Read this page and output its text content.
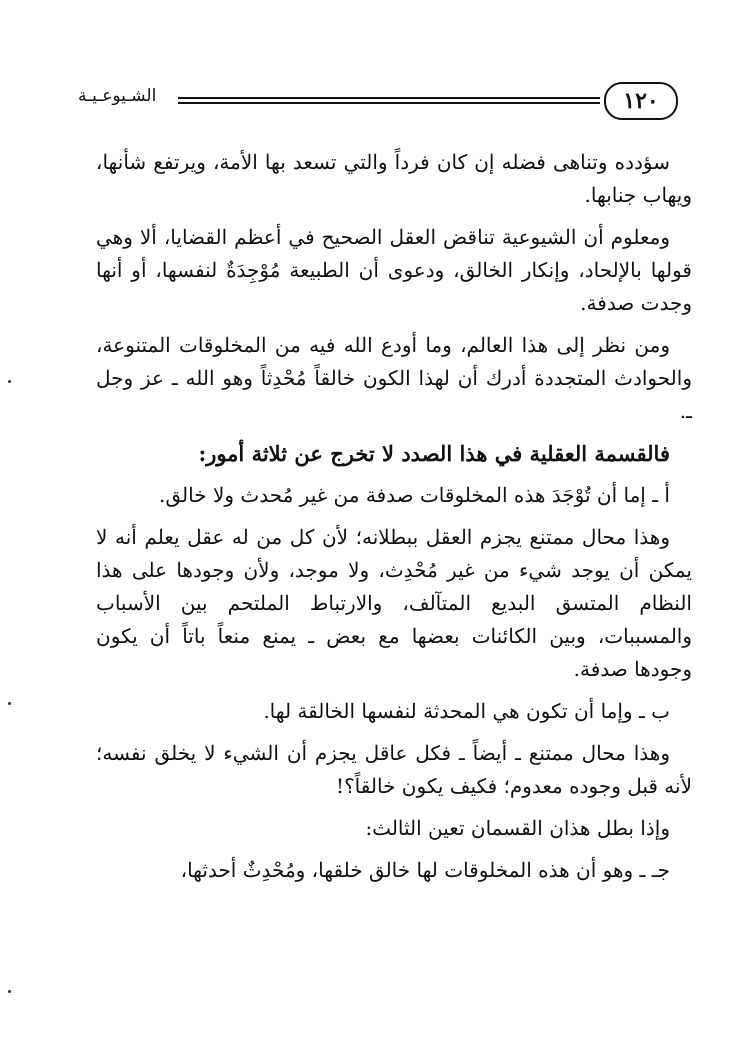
الشـيوعـيـة	١٢٠

سؤدده وتناهى فضله إن كان فرداً والتي تسعد بها الأمة، ويرتفع شأنها، ويهاب جنابها.

ومعلوم أن الشيوعية تناقض العقل الصحيح في أعظم القضايا، ألا وهي قولها بالإلحاد، وإنكار الخالق، ودعوى أن الطبيعة مُوْجِدَةٌ لنفسها، أو أنها وجدت صدفة.

ومن نظر إلى هذا العالم، وما أودع الله فيه من المخلوقات المتنوعة، والحوادث المتجددة أدرك أن لهذا الكون خالقاً مُحْدِثاً وهو الله ـ عز وجل ـ.

فالقسمة العقلية في هذا الصدد لا تخرج عن ثلاثة أمور:

أ ـ إما أن تُوْجَدَ هذه المخلوقات صدفة من غير مُحدث ولا خالق.

وهذا محال ممتنع يجزم العقل ببطلانه؛ لأن كل من له عقل يعلم أنه لا يمكن أن يوجد شيء من غير مُحْدِث، ولا موجد، ولأن وجودها على هذا النظام المتسق البديع المتآلف، والارتباط الملتحم بين الأسباب والمسببات، وبين الكائنات بعضها مع بعض ـ يمنع منعاً باتاً أن يكون وجودها صدفة.

ب ـ وإما أن تكون هي المحدثة لنفسها الخالقة لها.

وهذا محال ممتنع ـ أيضاً ـ فكل عاقل يجزم أن الشيء لا يخلق نفسه؛ لأنه قبل وجوده معدوم؛ فكيف يكون خالقاً؟!

وإذا بطل هذان القسمان تعين الثالث:

جـ ـ وهو أن هذه المخلوقات لها خالق خلقها، ومُحْدِثٌ أحدثها،
